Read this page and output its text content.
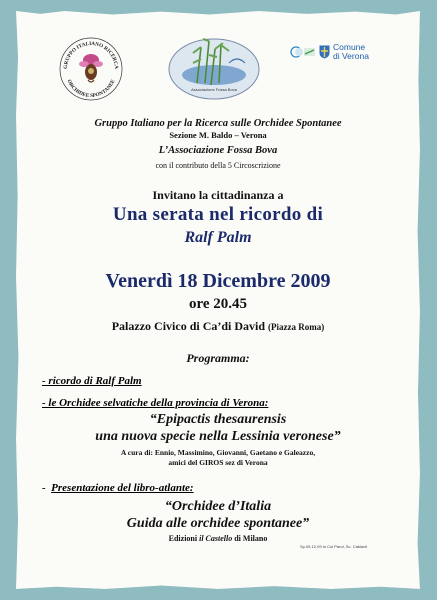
GRUPPO ITALIANO RICERCA
ORCHIDEE SPONTANEE
Associazione Fossa Bova
Comune
di Verona
Gruppo Italiano per la Ricerca sulle Orchidee Spontanee
Sezione M. Baldo – Verona
L’Associazione Fossa Bova
con il contributo della 5 Circoscrizione
Invitano la cittadinanza a
Una serata nel ricordo di
Ralf Palm
Venerdì 18 Dicembre 2009
ore 20.45
Palazzo Civico di Ca’di David (Piazza Roma)
Programma:
- ricordo di Ralf Palm
- le Orchidee selvatiche della provincia di Verona:
“Epipactis thesaurensis
una nuova specie nella Lessinia veronese”
A cura di: Ennio, Massimino, Giovanni, Gaetano e Galeazzo,
amici del GIROS sez di Verona
- Presentazione del libro-atlante:
“Orchidee d’Italia
Guida alle orchidee spontanee”
Edizioni il Castello di Milano
Sp.05.12.09 to Col Parol, Sc. Cablavit
